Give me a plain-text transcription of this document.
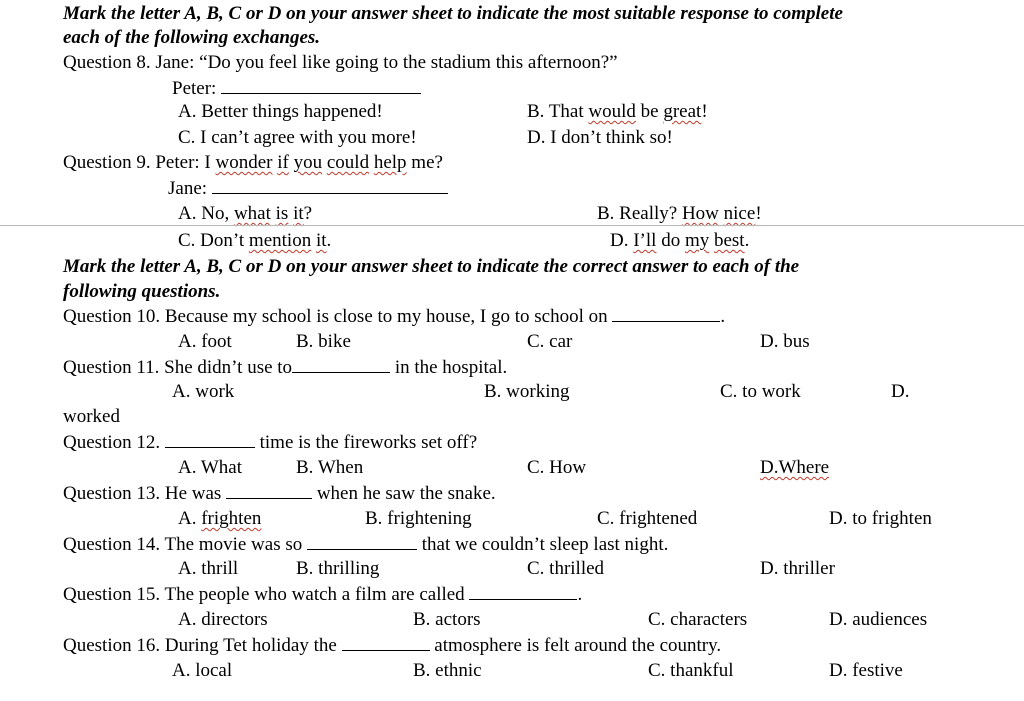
Mark the letter A, B, C or D on your answer sheet to indicate the most suitable response to complete
each of the following exchanges.
Question 8. Jane: “Do you feel like going to the stadium this afternoon?”
Peter:
A. Better things happened!	B. That would be great!
C. I can’t agree with you more!	D. I don’t think so!
Question 9. Peter: I wonder if you could help me?
Jane:
A. No, what is it?	B. Really? How nice!
C. Don’t mention it.	D. I’ll do my best.
Mark the letter A, B, C or D on your answer sheet to indicate the correct answer to each of the
following questions.
Question 10. Because my school is close to my house, I go to school on	.
A. foot	B. bike	C. car	D. bus
Question 11. She didn’t use to	in the hospital.
A. work	B. working	C. to work	D.
worked
Question 12.	time is the fireworks set off?
A. What	B. When	C. How	D.Where
Question 13. He was	when he saw the snake.
A. frighten	B. frightening	C. frightened	D. to frighten
Question 14. The movie was so	that we couldn’t sleep last night.
A. thrill	B. thrilling	C. thrilled	D. thriller
Question 15. The people who watch a film are called	.
A. directors	B. actors	C. characters	D. audiences
Question 16. During Tet holiday the	atmosphere is felt around the country.
A. local	B. ethnic	C. thankful	D. festive
